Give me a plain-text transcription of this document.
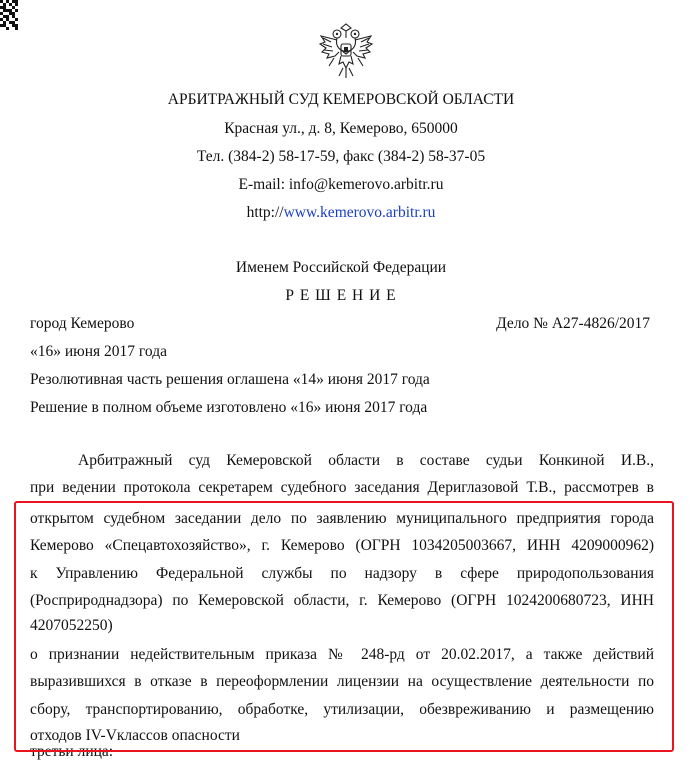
АРБИТРАЖНЫЙ СУД КЕМЕРОВСКОЙ ОБЛАСТИ
Красная ул., д. 8, Кемерово, 650000
Тел. (384-2) 58-17-59, факс (384-2) 58-37-05
E-mail: info@kemerovo.arbitr.ru
http://www.kemerovo.arbitr.ru
Именем Российской Федерации
Р Е Ш Е Н И Е
город Кемерово	Дело № А27-4826/2017
«16» июня 2017 года
Резолютивная часть решения оглашена «14» июня 2017 года
Решение в полном объеме изготовлено «16» июня 2017 года
Арбитражный суд Кемеровской области в составе судьи Конкиной И.В.,
при ведении протокола секретарем судебного заседания Дериглазовой Т.В., рассмотрев в
открытом судебном заседании дело по заявлению муниципального предприятия города
Кемерово «Спецавтохозяйство», г. Кемерово (ОГРН 1034205003667, ИНН 4209000962)
к Управлению Федеральной службы по надзору в сфере природопользования
(Росприроднадзора) по Кемеровской области, г. Кемерово (ОГРН 1024200680723, ИНН
4207052250)
о признании недействительным приказа № 248-рд от 20.02.2017, а также действий
выразившихся в отказе в переоформлении лицензии на осуществление деятельности по
сбору, транспортированию, обработке, утилизации, обезвреживанию и размещению
отходов IV-Vклассов опасности
третьи лица:
